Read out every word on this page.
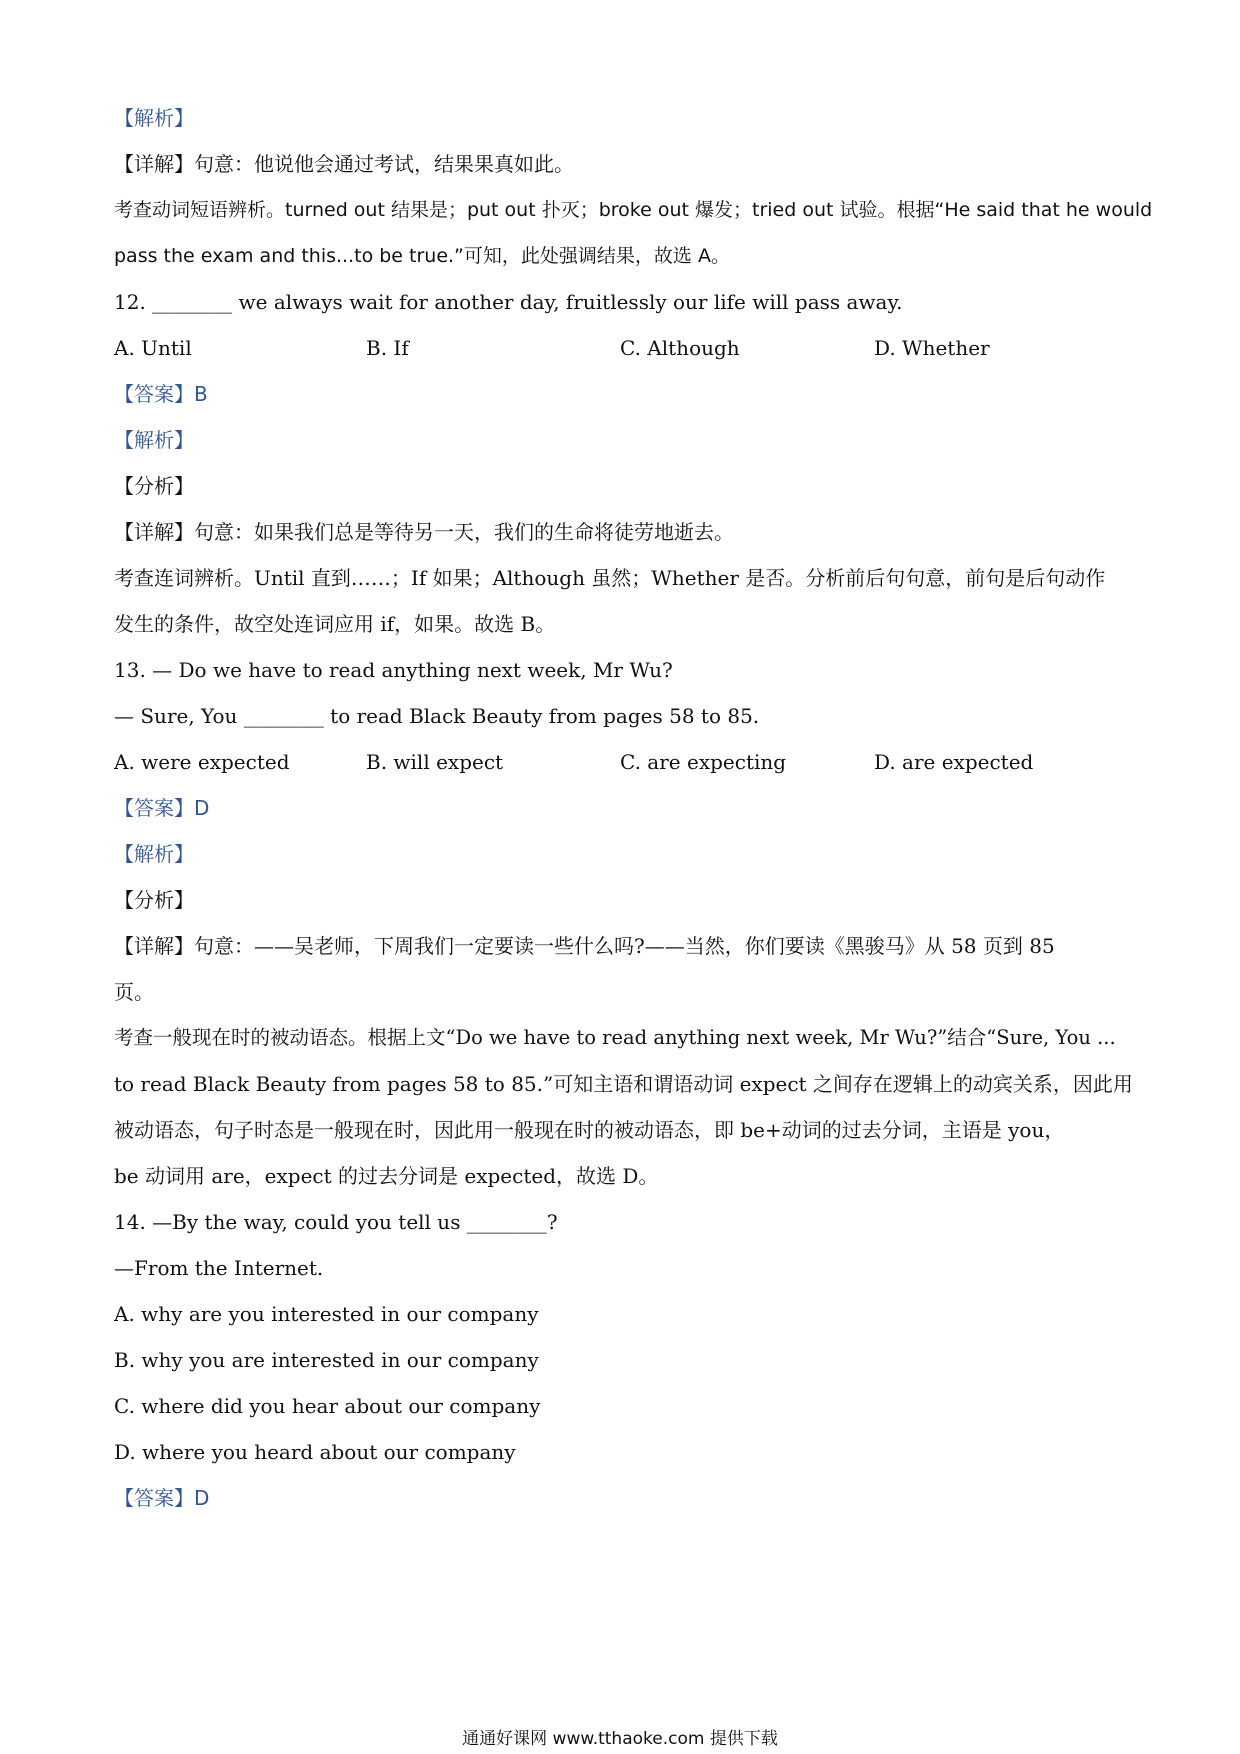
【解析】
【详解】句意：他说他会通过考试，结果果真如此。
考查动词短语辨析。turned out 结果是；put out 扑灭；broke out 爆发；tried out 试验。根据“He said that he would
pass the exam and this...to be true.”可知，此处强调结果，故选 A。
12. ________ we always wait for another day, fruitlessly our life will pass away.
A. Until	B. If	C. Although	D. Whether
【答案】B
【解析】
【分析】
【详解】句意：如果我们总是等待另一天，我们的生命将徒劳地逝去。
考查连词辨析。Until 直到……；If 如果；Although 虽然；Whether 是否。分析前后句句意，前句是后句动作
发生的条件，故空处连词应用 if，如果。故选 B。
13. — Do we have to read anything next week, Mr Wu?
— Sure, You ________ to read Black Beauty from pages 58 to 85.
A. were expected	B. will expect	C. are expecting	D. are expected
【答案】D
【解析】
【分析】
【详解】句意：——吴老师，下周我们一定要读一些什么吗?——当然，你们要读《黑骏马》从 58 页到 85
页。
考查一般现在时的被动语态。根据上文“Do we have to read anything next week, Mr Wu?”结合“Sure, You ...
to read Black Beauty from pages 58 to 85.”可知主语和谓语动词 expect 之间存在逻辑上的动宾关系，因此用
被动语态，句子时态是一般现在时，因此用一般现在时的被动语态，即 be+动词的过去分词，主语是 you，
be 动词用 are，expect 的过去分词是 expected，故选 D。
14. —By the way, could you tell us ________?
—From the Internet.
A. why are you interested in our company
B. why you are interested in our company
C. where did you hear about our company
D. where you heard about our company
【答案】D
通通好课网 www.tthaoke.com 提供下载
